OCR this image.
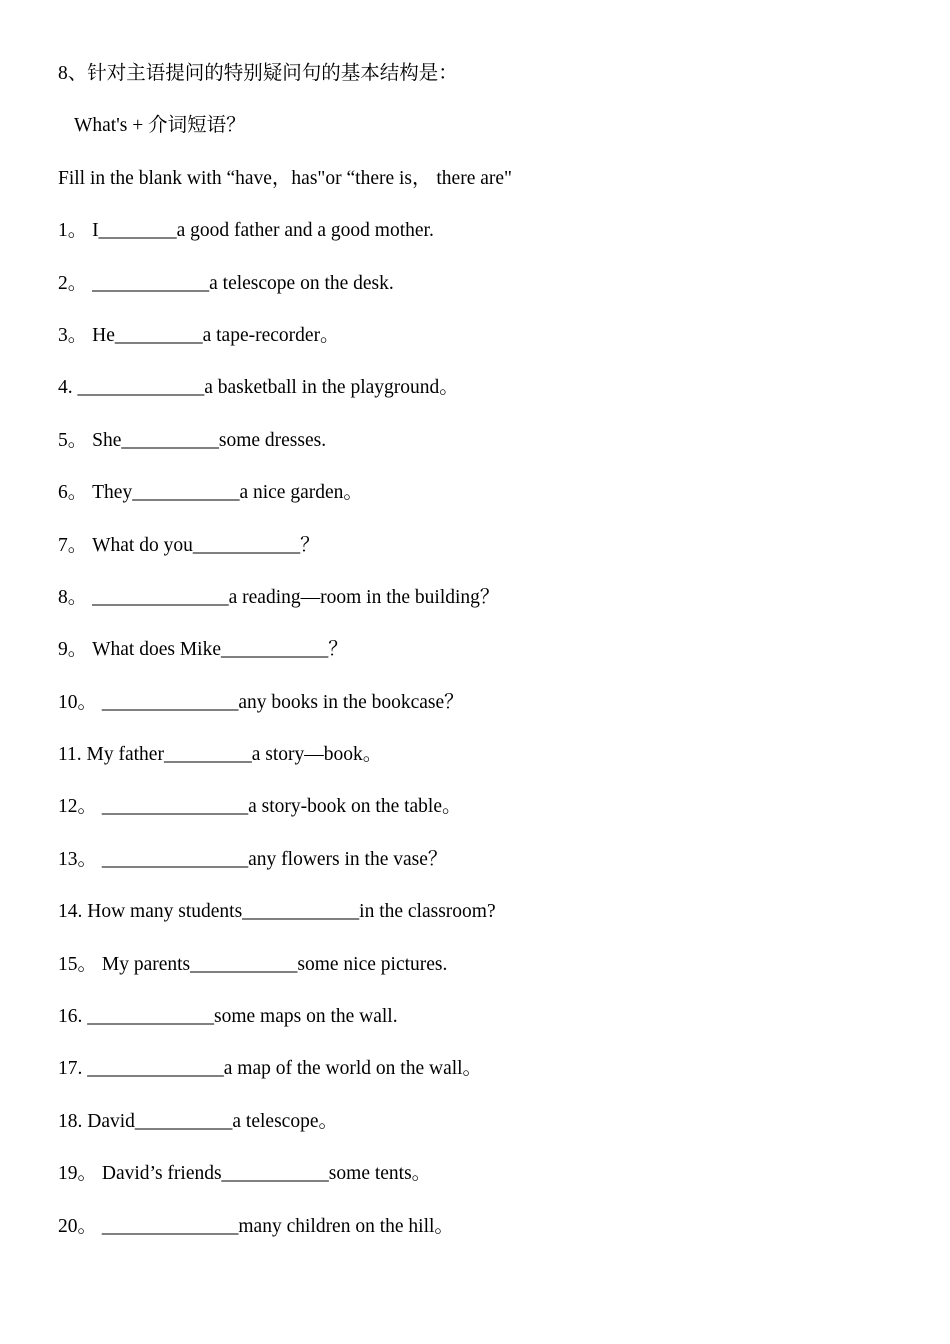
8、针对主语提问的特别疑问句的基本结构是：
What's + 介词短语？
Fill in the blank with “have，has"or “there is， there are"
1。 I________a good father and a good mother.
2。 ____________a telescope on the desk.
3。 He_________a tape-recorder。
4. _____________a basketball in the playground。
5。 She__________some dresses.
6。 They___________a nice garden。
7。 What do you___________？
8。 ______________a reading—room in the building？
9。 What does Mike___________？
10。 ______________any books in the bookcase？
11. My father_________a story—book。
12。 _______________a story-book on the table。
13。 _______________any flowers in the vase？
14. How many students____________in the classroom?
15。 My parents___________some nice pictures.
16. _____________some maps on the wall.
17. ______________a map of the world on the wall。
18. David__________a telescope。
19。 David’s friends___________some tents。
20。 ______________many children on the hill。
